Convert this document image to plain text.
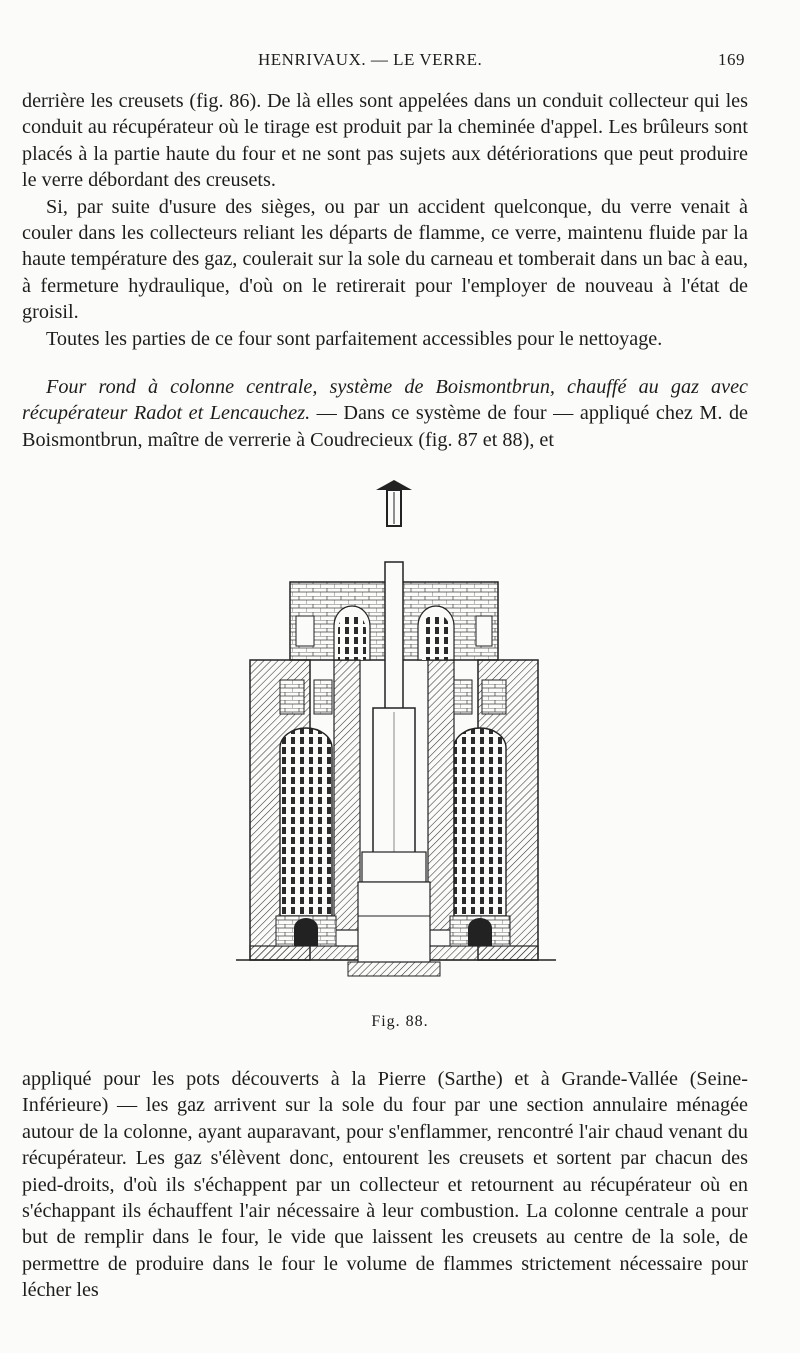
HENRIVAUX. — LE VERRE.	169

derrière les creusets (fig. 86). De là elles sont appelées dans un conduit collecteur qui les conduit au récupérateur où le tirage est produit par la cheminée d'appel. Les brûleurs sont placés à la partie haute du four et ne sont pas sujets aux détériorations que peut produire le verre débordant des creusets.

Si, par suite d'usure des sièges, ou par un accident quelconque, du verre venait à couler dans les collecteurs reliant les départs de flamme, ce verre, maintenu fluide par la haute température des gaz, coulerait sur la sole du carneau et tomberait dans un bac à eau, à fermeture hydraulique, d'où on le retirerait pour l'employer de nouveau à l'état de groisil.

Toutes les parties de ce four sont parfaitement accessibles pour le nettoyage.

Four rond à colonne centrale, système de Boismontbrun, chauffé au gaz avec récupérateur Radot et Lencauchez. — Dans ce système de four — appliqué chez M. de Boismontbrun, maître de verrerie à Coudrecieux (fig. 87 et 88), et

Fig. 88.

appliqué pour les pots découverts à la Pierre (Sarthe) et à Grande-Vallée (Seine-Inférieure) — les gaz arrivent sur la sole du four par une section annulaire ménagée autour de la colonne, ayant auparavant, pour s'enflammer, rencontré l'air chaud venant du récupérateur. Les gaz s'élèvent donc, entourent les creusets et sortent par chacun des pied-droits, d'où ils s'échappent par un collecteur et retournent au récupérateur où en s'échappant ils échauffent l'air nécessaire à leur combustion. La colonne centrale a pour but de remplir dans le four, le vide que laissent les creusets au centre de la sole, de permettre de produire dans le four le volume de flammes strictement nécessaire pour lécher les
